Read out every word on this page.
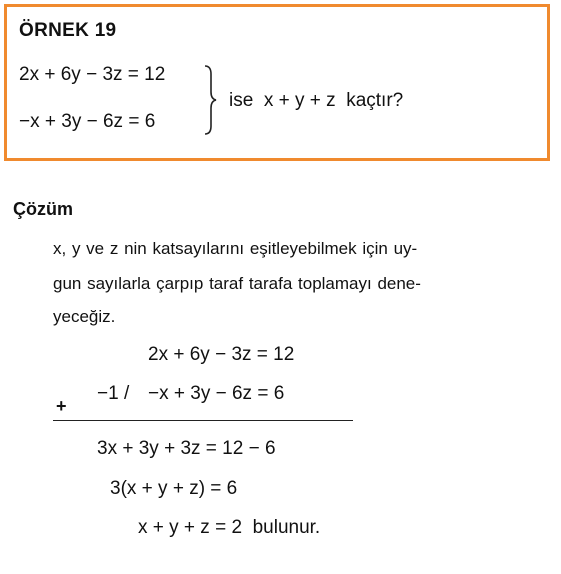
ÖRNEK 19
2x + 6y − 3z = 12
−x + 3y − 6z = 6
ise  x + y + z  kaçtır?
Çözüm
x, y ve z nin katsayılarını eşitleyebilmek için uy-
gun sayılarla çarpıp taraf tarafa toplamayı dene-
yeceğiz.
2x + 6y − 3z = 12
+
−1 / −x + 3y − 6z = 6
3x + 3y + 3z = 12 − 6
3(x + y + z) = 6
x + y + z = 2  bulunur.
